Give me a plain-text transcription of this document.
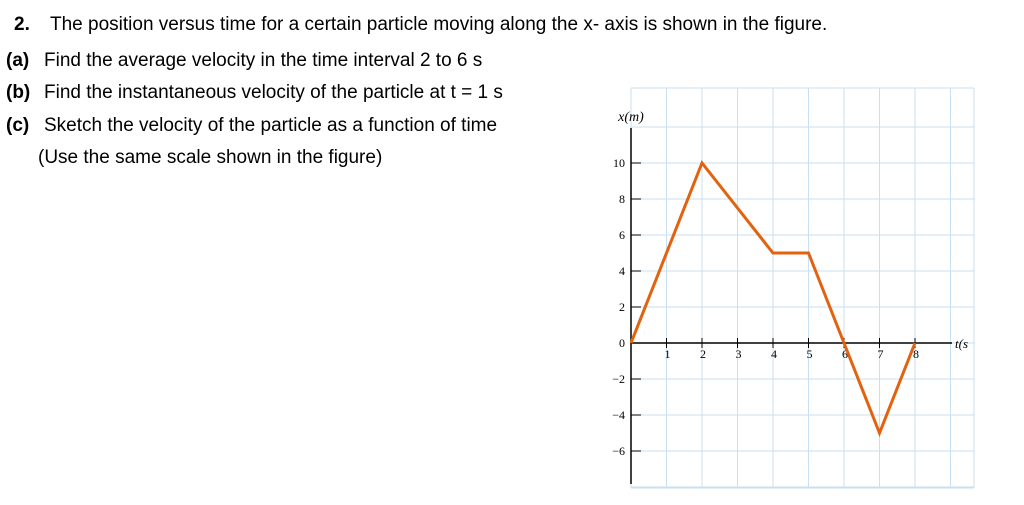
2. The position versus time for a certain particle moving along the x- axis is shown in the figure.
(a) Find the average velocity in the time interval 2 to 6 s
(b) Find the instantaneous velocity of the particle at t = 1 s
(c) Sketch the velocity of the particle as a function of time
(Use the same scale shown in the figure)
1 2 3 4 5 6 7 8
10
8
6
4
2
0
−2
−4
−6
x(m)
t(s
